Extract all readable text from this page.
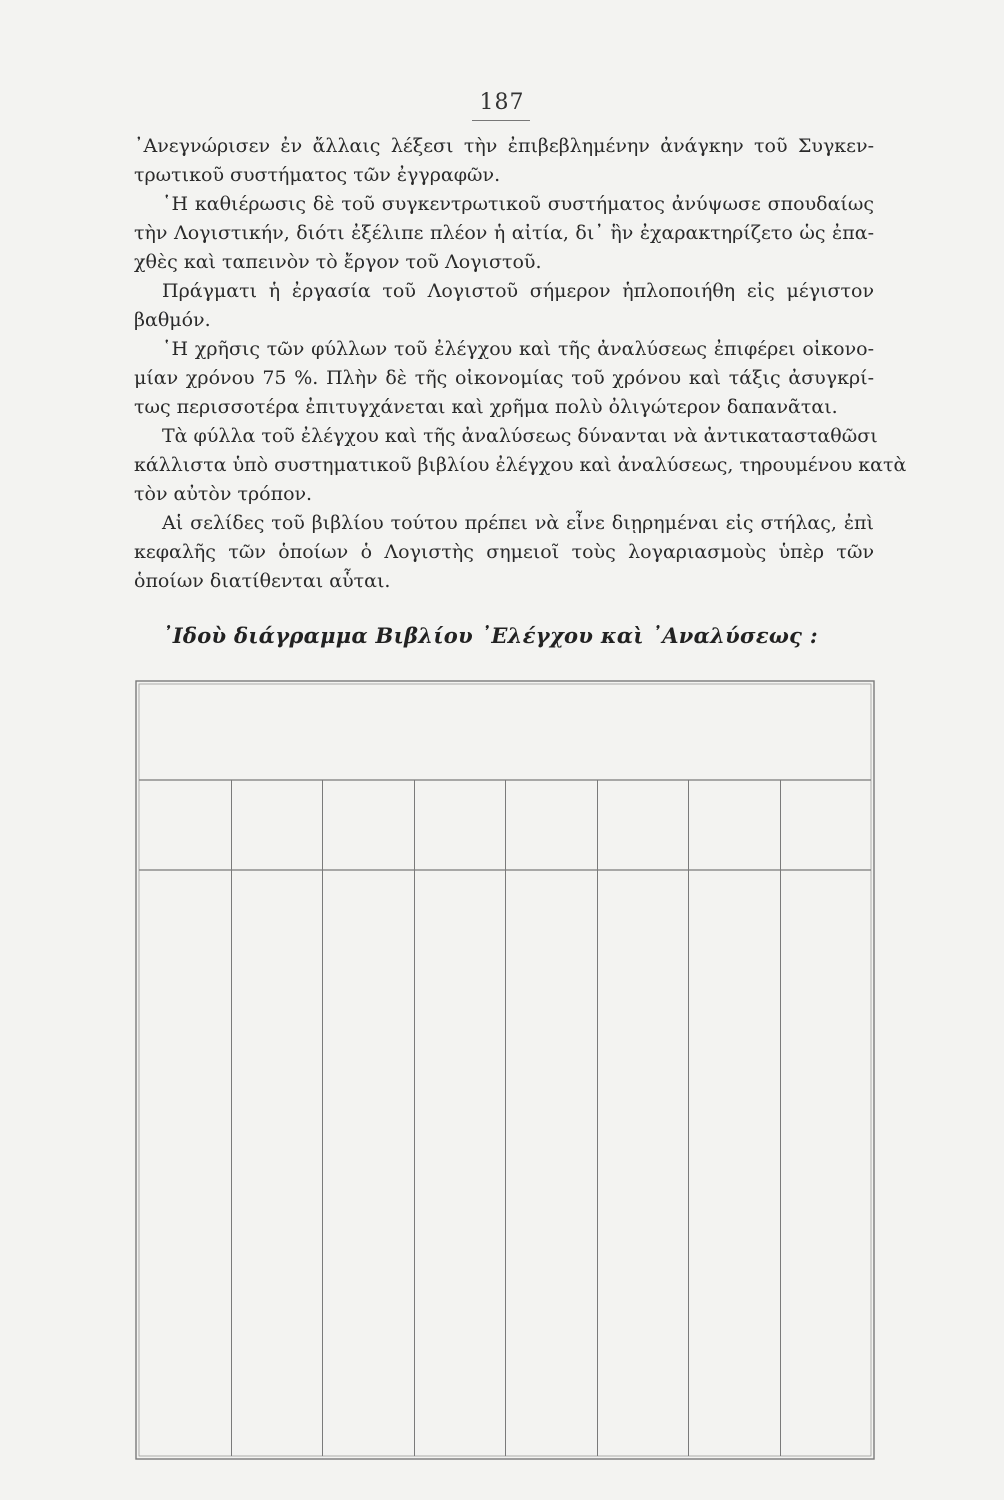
187
᾿Ανεγνώρισεν ἐν ἄλλαις λέξεσι τὴν ἐπιβεβλημένην ἀνάγκην τοῦ Συγκεν-
τρωτικοῦ συστήματος τῶν ἐγγραφῶν.
῾Η καθιέρωσις δὲ τοῦ συγκεντρωτικοῦ συστήματος ἀνύψωσε σπουδαίως
τὴν Λογιστικήν, διότι ἐξέλιπε πλέον ἡ αἰτία, δι᾿ ἣν ἐχαρακτηρίζετο ὡς ἐπα-
χθὲς καὶ ταπεινὸν τὸ ἔργον τοῦ Λογιστοῦ.
Πράγματι ἡ ἐργασία τοῦ Λογιστοῦ σήμερον ἡπλοποιήθη εἰς μέγιστον
βαθμόν.
῾Η χρῆσις τῶν φύλλων τοῦ ἐλέγχου καὶ τῆς ἀναλύσεως ἐπιφέρει οἰκονο-
μίαν χρόνου 75 %. Πλὴν δὲ τῆς οἰκονομίας τοῦ χρόνου καὶ τάξις ἀσυγκρί-
τως περισσοτέρα ἐπιτυγχάνεται καὶ χρῆμα πολὺ ὀλιγώτερον δαπανᾶται.
Τὰ φύλλα τοῦ ἐλέγχου καὶ τῆς ἀναλύσεως δύνανται νὰ ἀντικατασταθῶσι
κάλλιστα ὑπὸ συστηματικοῦ βιβλίου ἐλέγχου καὶ ἀναλύσεως, τηρουμένου κατὰ
τὸν αὐτὸν τρόπον.
Αἱ σελίδες τοῦ βιβλίου τούτου πρέπει νὰ εἶνε διῃρημέναι εἰς στήλας, ἐπὶ
κεφαλῆς τῶν ὁποίων ὁ Λογιστὴς σημειοῖ τοὺς λογαριασμοὺς ὑπὲρ τῶν
ὁποίων διατίθενται αὗται.
᾿Ιδοὺ διάγραμμα Βιβλίου ᾿Ελέγχου καὶ ᾿Αναλύσεως :
